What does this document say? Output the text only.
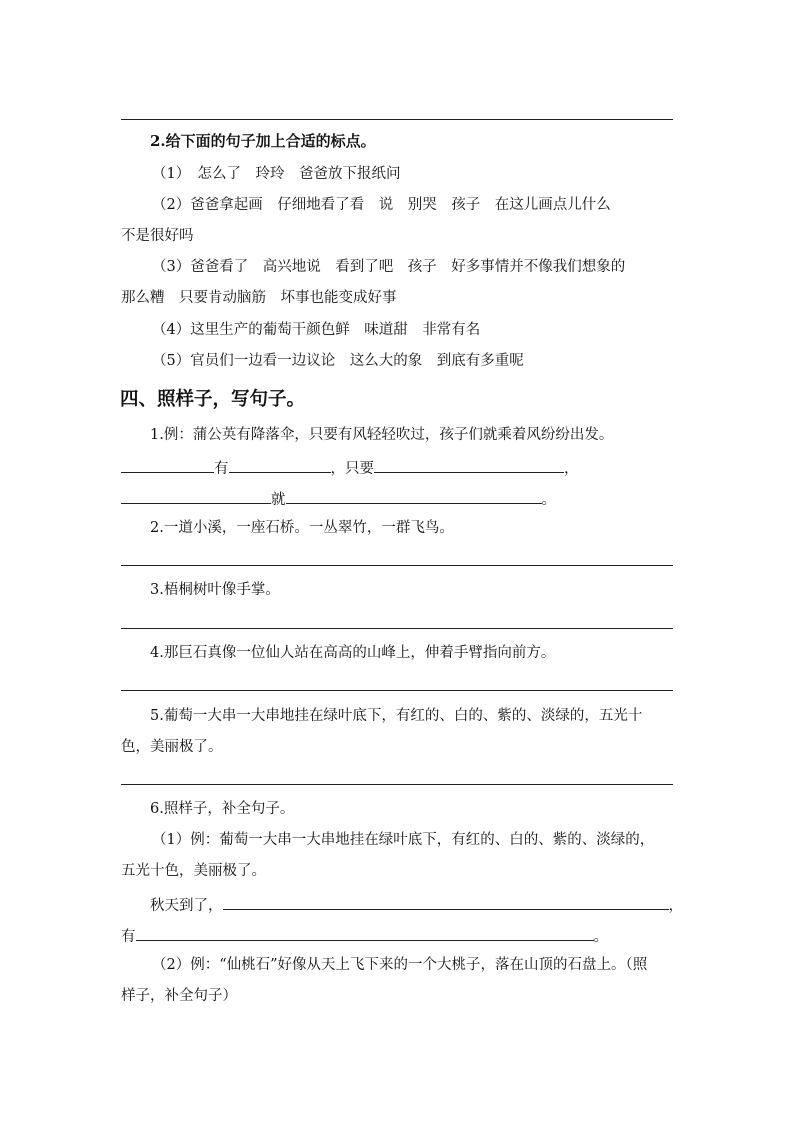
2.给下面的句子加上合适的标点。
（1）　怎么了　玲玲　爸爸放下报纸问
（2）爸爸拿起画　仔细地看了看　说　别哭　孩子　在这儿画点儿什么
不是很好吗
（3）爸爸看了　高兴地说　看到了吧　孩子　好多事情并不像我们想象的
那么糟　只要肯动脑筋　坏事也能变成好事
（4）这里生产的葡萄干颜色鲜　味道甜　非常有名
（5）官员们一边看一边议论　这么大的象　到底有多重呢
四、照样子，写句子。
1.例：蒲公英有降落伞，只要有风轻轻吹过，孩子们就乘着风纷纷出发。
有	，只要	，
就	。
2.一道小溪，一座石桥。一丛翠竹，一群飞鸟。
3.梧桐树叶像手掌。
4.那巨石真像一位仙人站在高高的山峰上，伸着手臂指向前方。
5.葡萄一大串一大串地挂在绿叶底下，有红的、白的、紫的、淡绿的，五光十
色，美丽极了。
6.照样子，补全句子。
（1）例：葡萄一大串一大串地挂在绿叶底下，有红的、白的、紫的、淡绿的，
五光十色，美丽极了。
秋天到了，	，
有	。
（2）例：“仙桃石”好像从天上飞下来的一个大桃子，落在山顶的石盘上。（照
样子，补全句子）
